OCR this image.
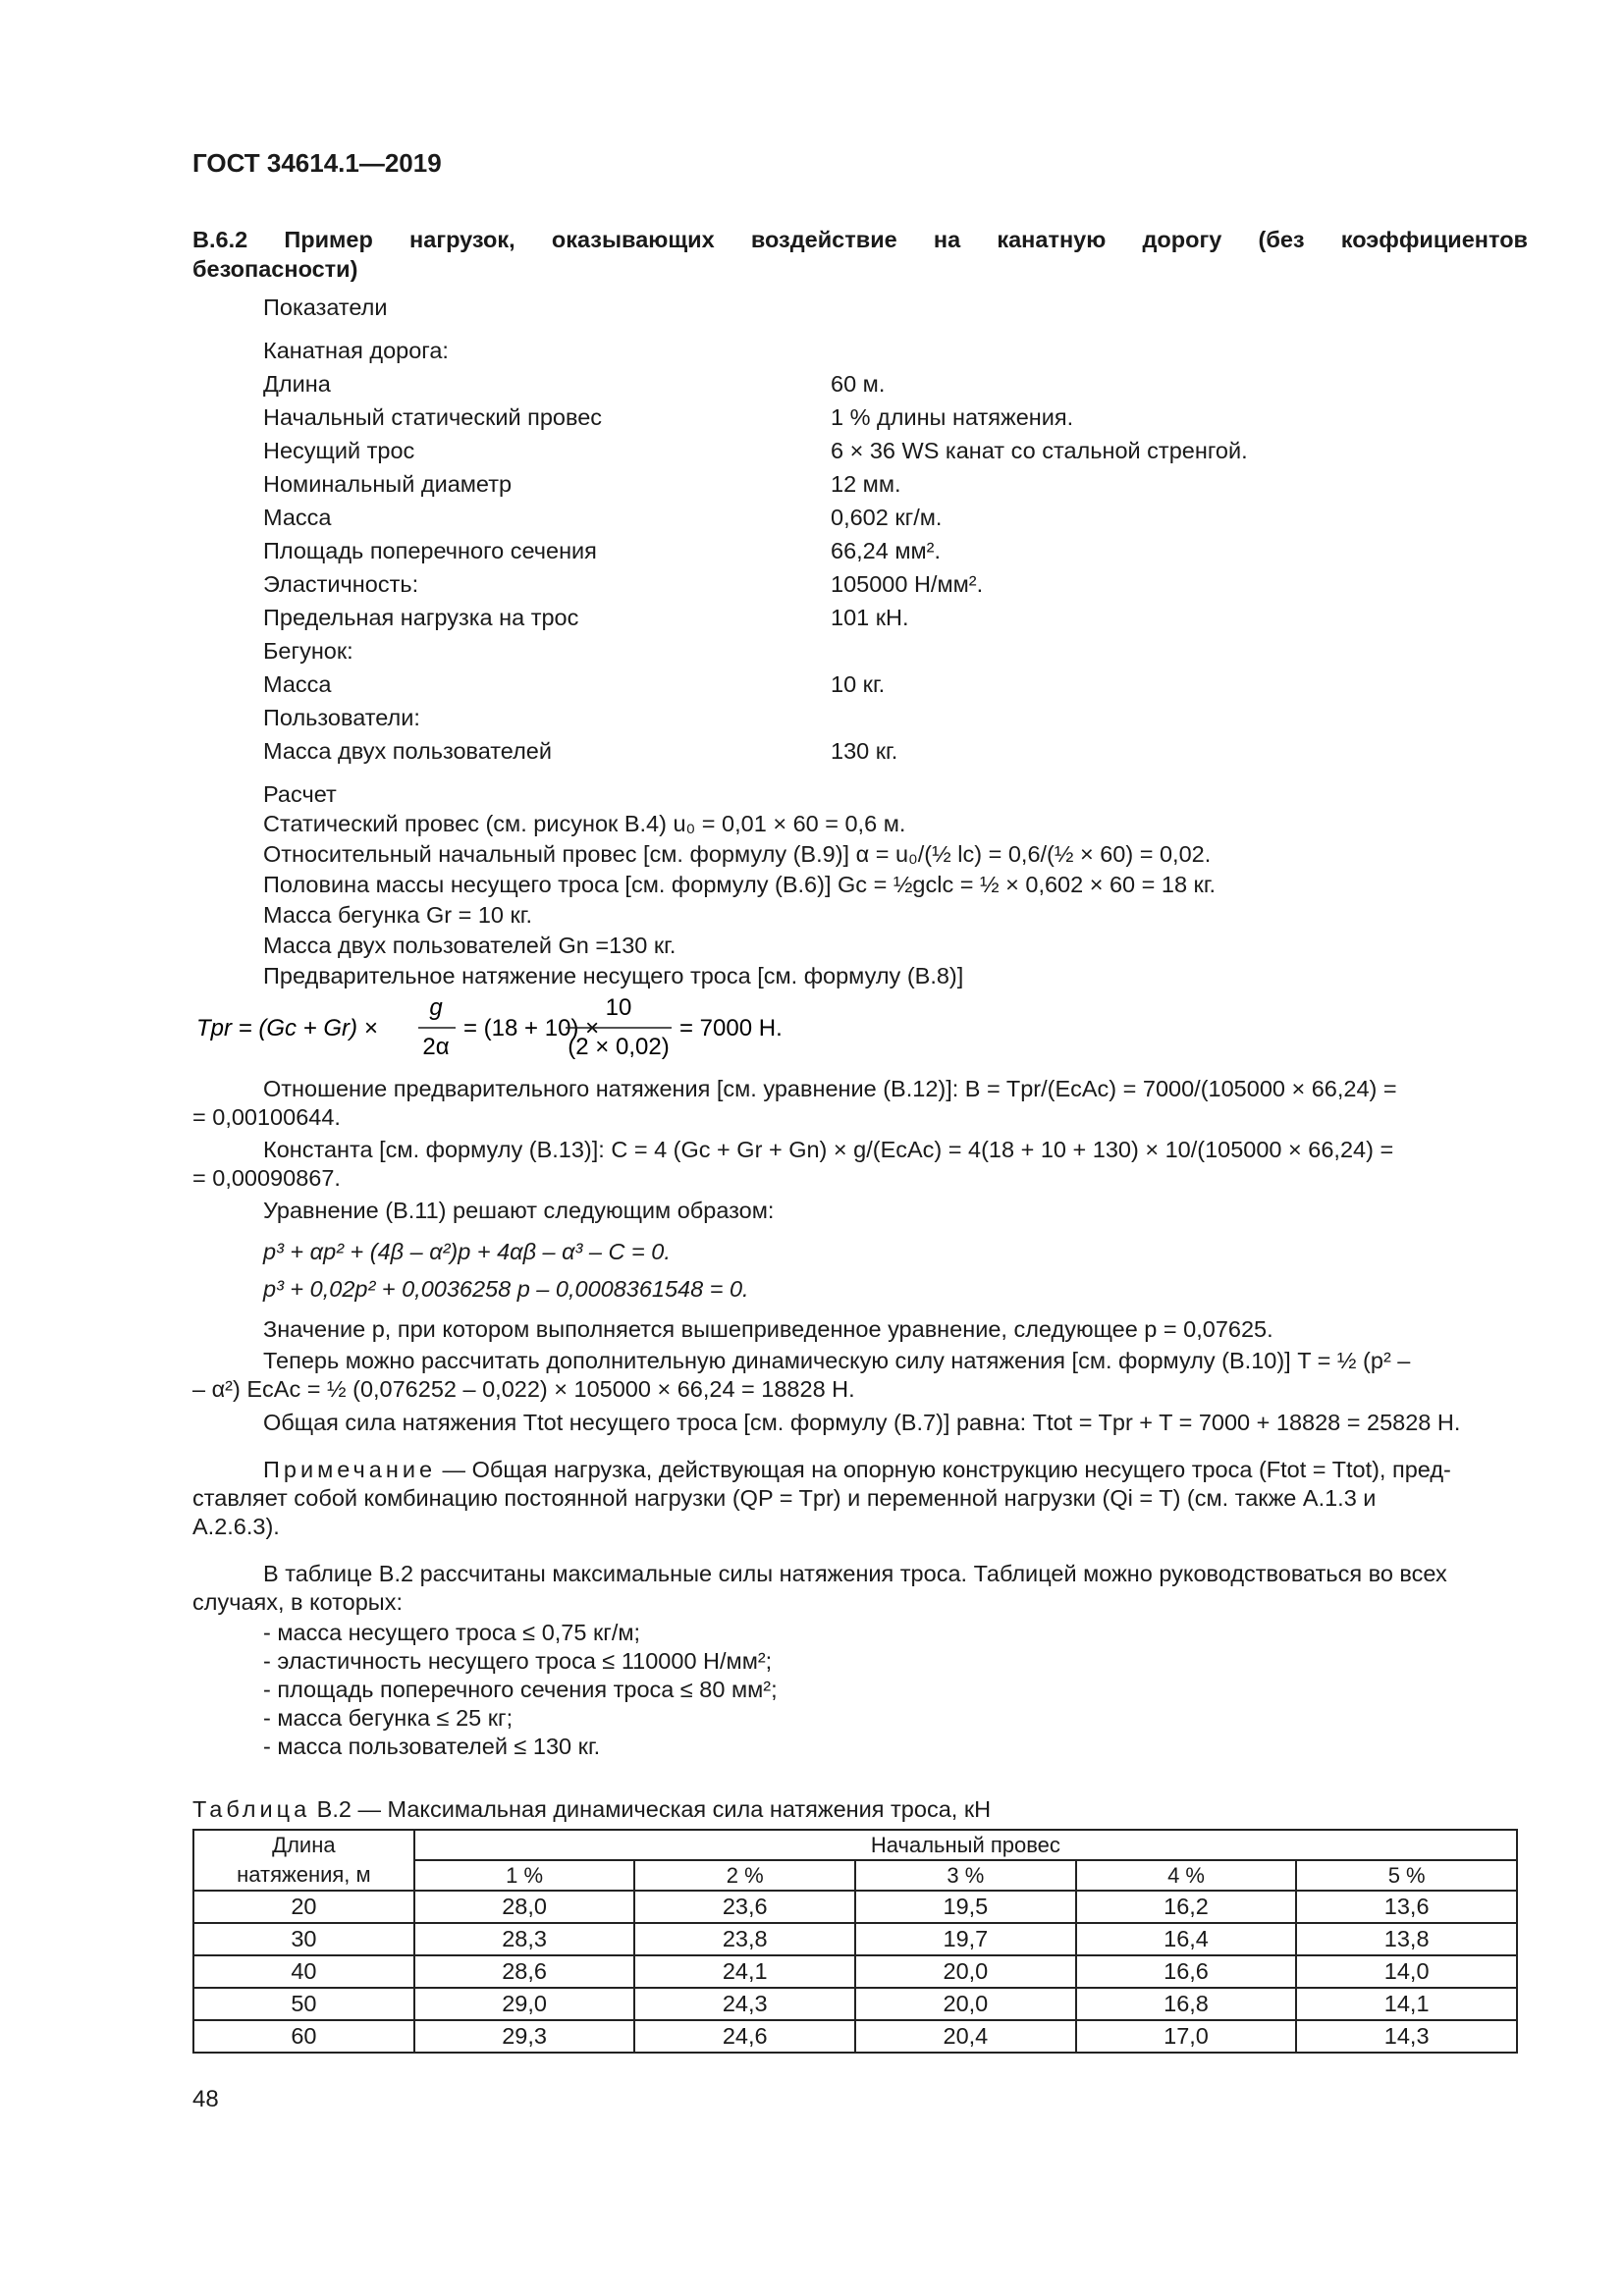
ГОСТ 34614.1—2019
В.6.2 Пример нагрузок, оказывающих воздействие на канатную дорогу (без коэффициентов
безопасности)
Показатели
Канатная дорога:
Длина	60 м.
Начальный статический провес	1 % длины натяжения.
Несущий трос	6 × 36 WS канат со стальной стренгой.
Номинальный диаметр	12 мм.
Масса	0,602 кг/м.
Площадь поперечного сечения	66,24 мм².
Эластичность:	105000 Н/мм².
Предельная нагрузка на трос	101 кН.
Бегунок:
Масса	10 кг.
Пользователи:
Масса двух пользователей	130 кг.
Расчет
Статический провес (см. рисунок В.4) u₀ = 0,01 × 60 = 0,6 м.
Относительный начальный провес [см. формулу (В.9)] α = u₀/(½ lc) = 0,6/(½ × 60) = 0,02.
Половина массы несущего троса [см. формулу (В.6)] Gc = ½gclc = ½ × 0,602 × 60 = 18 кг.
Масса бегунка Gr = 10 кг.
Масса двух пользователей Gn =130 кг.
Предварительное натяжение несущего троса [см. формулу (В.8)]
Tpr = (Gc + Gr) ×
g
2α
= (18 + 10) ×
10
(2 × 0,02)
= 7000 Н.
Отношение предварительного натяжения [см. уравнение (В.12)]: B = Tpr/(EcAc) = 7000/(105000 × 66,24) =
= 0,00100644.
Константа [см. формулу (В.13)]: C = 4 (Gc + Gr + Gn) × g/(EcAc) = 4(18 + 10 + 130) × 10/(105000 × 66,24) =
= 0,00090867.
Уравнение (В.11) решают следующим образом:
p³ + αp² + (4β – α²)p + 4αβ – α³ – C = 0.
p³ + 0,02p² + 0,0036258 p – 0,0008361548 = 0.
Значение p, при котором выполняется вышеприведенное уравнение, следующее p = 0,07625.
Теперь можно рассчитать дополнительную динамическую силу натяжения [см. формулу (В.10)] T = ½ (p² –
– α²) EcAc = ½ (0,076252 – 0,022) × 105000 × 66,24 = 18828 Н.
Общая сила натяжения Ttot несущего троса [см. формулу (В.7)] равна: Ttot = Tpr + T = 7000 + 18828 = 25828 Н.
Примечание — Общая нагрузка, действующая на опорную конструкцию несущего троса (Ftot = Ttot), пред-
ставляет собой комбинацию постоянной нагрузки (QP = Tpr) и переменной нагрузки (Qi = T) (см. также А.1.3 и
А.2.6.3).
В таблице В.2 рассчитаны максимальные силы натяжения троса. Таблицей можно руководствоваться во всех
случаях, в которых:
- масса несущего троса ≤ 0,75 кг/м;
- эластичность несущего троса ≤ 110000 Н/мм²;
- площадь поперечного сечения троса ≤ 80 мм²;
- масса бегунка ≤ 25 кг;
- масса пользователей ≤ 130 кг.
Таблица В.2 — Максимальная динамическая сила натяжения троса, кН
Длина
натяжения, м	Начальный провес				
	1 %	2 %	3 %	4 %	5 %
20	28,0	23,6	19,5	16,2	13,6
30	28,3	23,8	19,7	16,4	13,8
40	28,6	24,1	20,0	16,6	14,0
50	29,0	24,3	20,0	16,8	14,1
60	29,3	24,6	20,4	17,0	14,3
48
